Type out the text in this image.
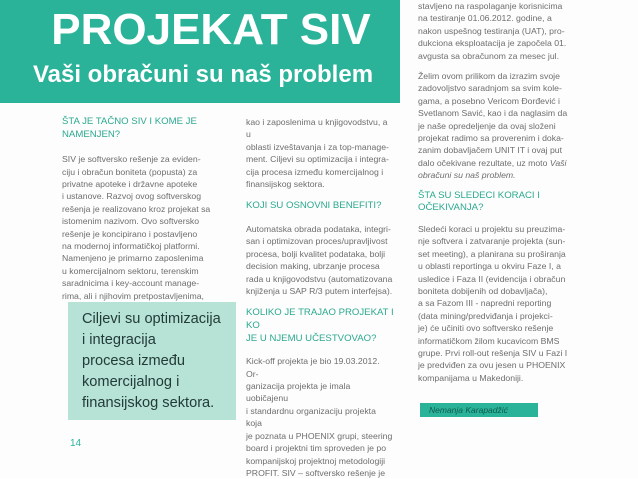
PROJEKAT SIV
Vaši obračuni su naš problem

ŠTA JE TAČNO SIV I KOME JE

NAMENJEN?

SIV je softversko rešenje za eviden-

ciju i obračun boniteta (popusta) za

privatne apoteke i državne apoteke

i ustanove. Razvoj ovog softverskog

rešenja je realizovano kroz projekat sa

istomenim nazivom. Ovo softversko

rešenje je koncipirano i postavljeno

na modernoj informatičkoj platformi.

Namenjeno je primarno zaposlenima

u komercijalnom sektoru, terenskim

saradnicima i key-account manage-

rima, ali i njihovim pretpostavljenima,

Ciljevi su optimizacija
i integracija
procesa između
komercijalnog i
finansijskog sektora.

kao i zaposlenima u knjigovodstvu, a u

oblasti izveštavanja i za top-manage-

ment. Ciljevi su optimizacija i integra-

cija procesa između komercijalnog i

finansijskog sektora.

KOJI SU OSNOVNI BENEFITI?

Automatska obrada podataka, integri-

san i optimizovan proces/upravljivost

procesa, bolji kvalitet podataka, bolji

decision making, ubrzanje procesa

rada u knjigovodstvu (automatizovana

knjiženja u SAP R/3 putem interfejsa).

KOLIKO JE TRAJAO PROJEKAT I KO

JE U NJEMU UČESTVOVAO?

Kick-off projekta je bio 19.03.2012. Or-

ganizacija projekta je imala uobičajenu

i standardnu organizaciju projekta koja

je poznata u PHOENIX grupi, steering

board i projektni tim sproveden je po

kompanijskoj projektnoj metodologiji

PROFIT. SIV – softversko rešenje je

stavljeno na raspolaganje korisnicima

na testiranje 01.06.2012. godine, a

nakon uspešnog testiranja (UAT), pro-

dukciona eksploatacija je započela 01.

avgusta sa obračunom za mesec jul.

Želim ovom prilikom da izrazim svoje

zadovoljstvo saradnjom sa svim kole-

gama, a posebno Vericom Đorđević i

Svetlanom Savić, kao i da naglasim da

je naše opredeljenje da ovaj složeni

projekat radimo sa proverenim i doka-

zanim dobavljačem UNIT IT i ovaj put

dalo očekivane rezultate, uz moto Vaši

obračuni su naš problem.

ŠTA SU SLEDECI KORACI I

OČEKIVANJA?

Sledeći koraci u projektu su preuzima-

nje softvera i zatvaranje projekta (sun-

set meeting), a planirana su proširanja

u oblasti reportinga u okviru Faze I, a

usledice i Faza II (evidencija i obračun

boniteta dobijenih od dobavljača),

a sa Fazom III - napredni reporting

(data mining/predviđanja i projekci-

je) će učiniti ovo softversko rešenje

informatičkom žilom kucavicom BMS

grupe. Prvi roll-out rešenja SIV u Fazi I

je predviđen za ovu jesen u PHOENIX

kompanijama u Makedoniji.

Nemanja Karapadžić
14
